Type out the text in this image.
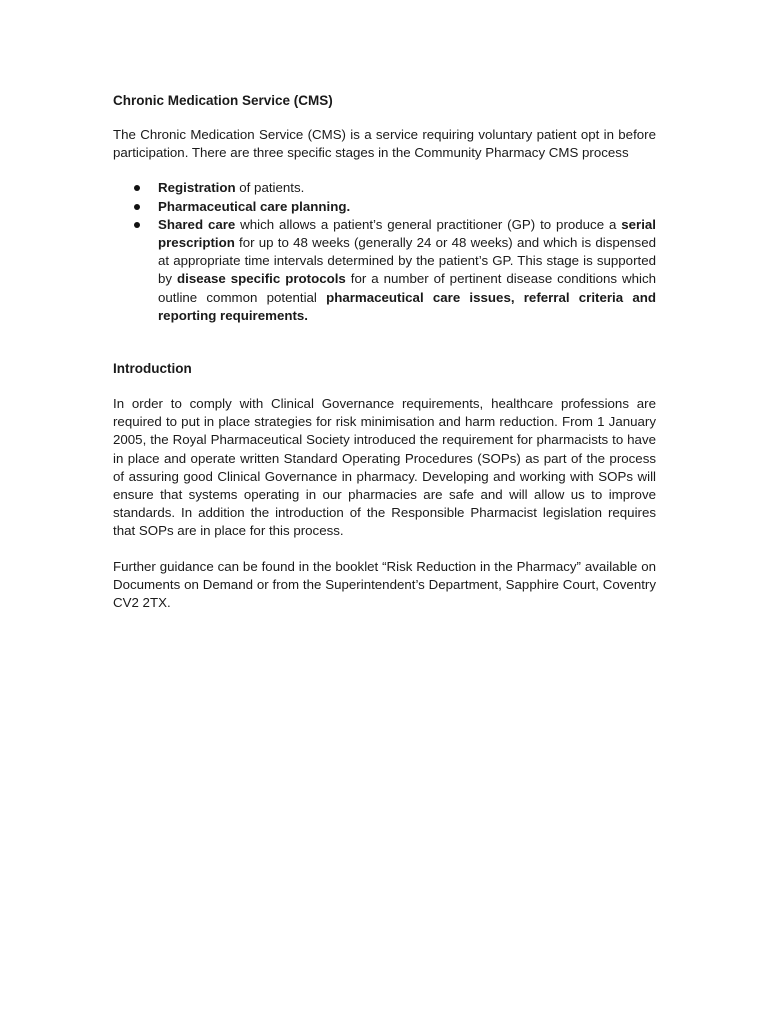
Chronic Medication Service (CMS)

The Chronic Medication Service (CMS) is a service requiring voluntary patient opt in before participation. There are three specific stages in the Community Pharmacy CMS process

Registration of patients.
Pharmaceutical care planning.
Shared care which allows a patient’s general practitioner (GP) to produce a serial prescription for up to 48 weeks (generally 24 or 48 weeks) and which is dispensed at appropriate time intervals determined by the patient’s GP. This stage is supported by disease specific protocols for a number of pertinent disease conditions which outline common potential pharmaceutical care issues, referral criteria and reporting requirements.
Introduction

In order to comply with Clinical Governance requirements, healthcare professions are required to put in place strategies for risk minimisation and harm reduction. From 1 January 2005, the Royal Pharmaceutical Society introduced the requirement for pharmacists to have in place and operate written Standard Operating Procedures (SOPs) as part of the process of assuring good Clinical Governance in pharmacy. Developing and working with SOPs will ensure that systems operating in our pharmacies are safe and will allow us to improve standards. In addition the introduction of the Responsible Pharmacist legislation requires that SOPs are in place for this process.

Further guidance can be found in the booklet “Risk Reduction in the Pharmacy” available on Documents on Demand or from the Superintendent’s Department, Sapphire Court, Coventry CV2 2TX.
